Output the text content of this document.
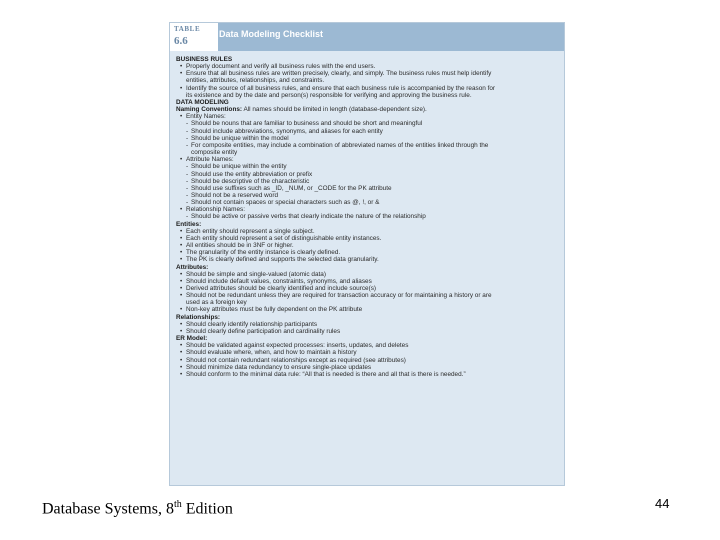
TABLE
6.6
Data Modeling Checklist
BUSINESS RULES
• Properly document and verify all business rules with the end users.
• Ensure that all business rules are written precisely, clearly, and simply. The business rules must help identify
entities, attributes, relationships, and constraints.
• Identify the source of all business rules, and ensure that each business rule is accompanied by the reason for
its existence and by the date and person(s) responsible for verifying and approving the business rule.
DATA MODELING
Naming Conventions: All names should be limited in length (database-dependent size).
• Entity Names:
- Should be nouns that are familiar to business and should be short and meaningful
- Should include abbreviations, synonyms, and aliases for each entity
- Should be unique within the model
- For composite entities, may include a combination of abbreviated names of the entities linked through the
composite entity
• Attribute Names:
- Should be unique within the entity
- Should use the entity abbreviation or prefix
- Should be descriptive of the characteristic
- Should use suffixes such as _ID, _NUM, or _CODE for the PK attribute
- Should not be a reserved word
- Should not contain spaces or special characters such as @, !, or &
• Relationship Names:
- Should be active or passive verbs that clearly indicate the nature of the relationship
Entities:
• Each entity should represent a single subject.
• Each entity should represent a set of distinguishable entity instances.
• All entities should be in 3NF or higher.
• The granularity of the entity instance is clearly defined.
• The PK is clearly defined and supports the selected data granularity.
Attributes:
• Should be simple and single-valued (atomic data)
• Should include default values, constraints, synonyms, and aliases
• Derived attributes should be clearly identified and include source(s)
• Should not be redundant unless they are required for transaction accuracy or for maintaining a history or are
used as a foreign key
• Non-key attributes must be fully dependent on the PK attribute
Relationships:
• Should clearly identify relationship participants
• Should clearly define participation and cardinality rules
ER Model:
• Should be validated against expected processes: inserts, updates, and deletes
• Should evaluate where, when, and how to maintain a history
• Should not contain redundant relationships except as required (see attributes)
• Should minimize data redundancy to ensure single-place updates
• Should conform to the minimal data rule: “All that is needed is there and all that is there is needed.”
Database Systems, 8th Edition	44
